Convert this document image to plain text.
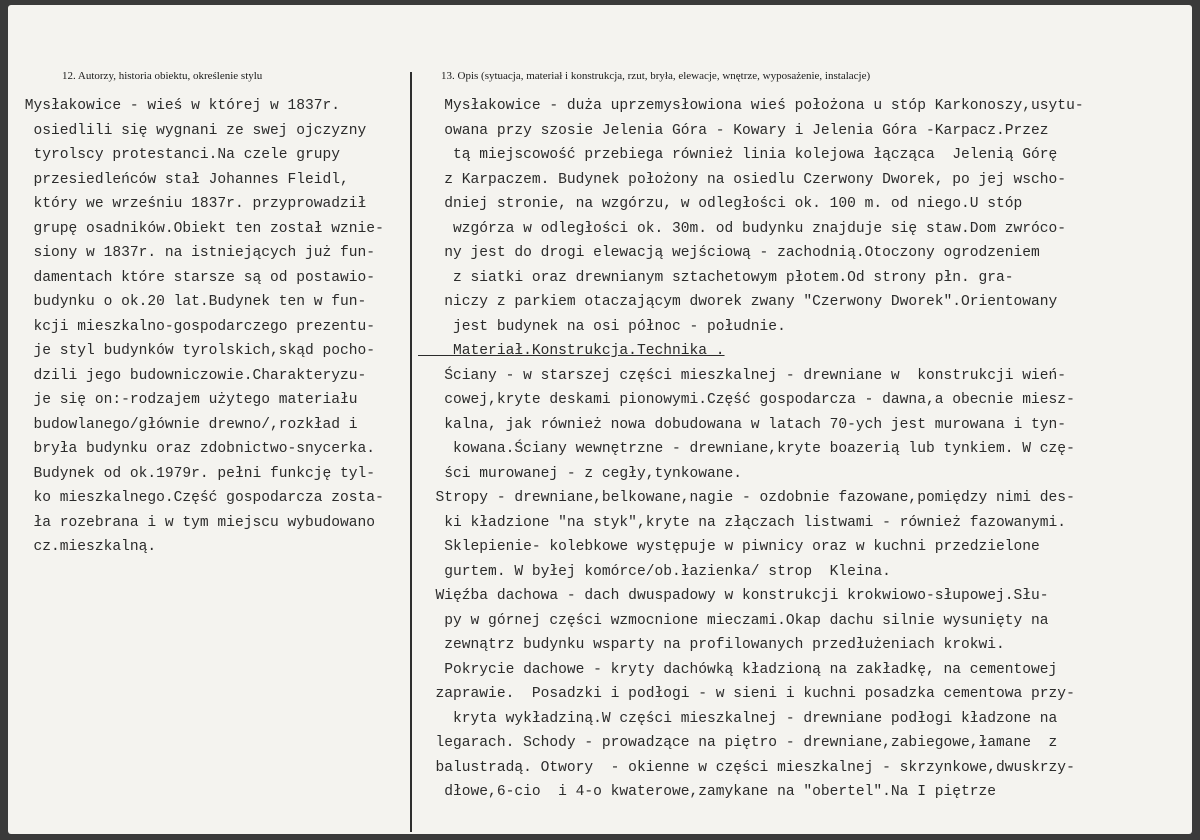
12. Autorzy, historia obiektu, określenie stylu	13. Opis (sytuacja, materiał i konstrukcja, rzut, bryła, elewacje, wnętrze, wyposażenie, instalacje)
Mysłakowice - wieś w której w 1837r.
osiedlili się wygnani ze swej ojczyzny
tyrolscy protestanci.Na czele grupy
przesiedleńców stał Johannes Fleidl,
który we wrześniu 1837r. przyprowadził
grupę osadników.Obiekt ten został wznie-
siony w 1837r. na istniejących już fun-
damentach które starsze są od postawio-
budynku o ok.20 lat.Budynek ten w fun-
kcji mieszkalno-gospodarczego prezentu-
je styl budynków tyrolskich,skąd pocho-
dzili jego budowniczowie.Charakteryzu-
je się on:-rodzajem użytego materiału
budowlanego/głównie drewno/,rozkład i
bryła budynku oraz zdobnictwo-snycerka.
Budynek od ok.1979r. pełni funkcję tyl-
ko mieszkalnego.Część gospodarcza zosta-
ła rozebrana i w tym miejscu wybudowano
cz.mieszkalną.
Mysłakowice - duża uprzemysłowiona wieś położona u stóp Karkonoszy,usytu-
owana przy szosie Jelenia Góra - Kowary i Jelenia Góra -Karpacz.Przez
tą miejscowość przebiega również linia kolejowa łącząca  Jelenią Górę
z Karpaczem. Budynek położony na osiedlu Czerwony Dworek, po jej wscho-
dniej stronie, na wzgórzu, w odległości ok. 100 m. od niego.U stóp
wzgórza w odległości ok. 30m. od budynku znajduje się staw.Dom zwróco-
ny jest do drogi elewacją wejściową - zachodnią.Otoczony ogrodzeniem
z siatki oraz drewnianym sztachetowym płotem.Od strony płn. gra-
niczy z parkiem otaczającym dworek zwany "Czerwony Dworek".Orientowany
jest budynek na osi północ - południe.
Materiał.Konstrukcja.Technika .
Ściany - w starszej części mieszkalnej - drewniane w  konstrukcji wień-
cowej,kryte deskami pionowymi.Część gospodarcza - dawna,a obecnie miesz-
kalna, jak również nowa dobudowana w latach 70-ych jest murowana i tyn-
kowana.Ściany wewnętrzne - drewniane,kryte boazerią lub tynkiem. W czę-
ści murowanej - z cegły,tynkowane.
Stropy - drewniane,belkowane,nagie - ozdobnie fazowane,pomiędzy nimi des-
ki kładzione "na styk",kryte na złączach listwami - również fazowanymi.
Sklepienie- kolebkowe występuje w piwnicy oraz w kuchni przedzielone
gurtem. W byłej komórce/ob.łazienka/ strop  Kleina.
Więźba dachowa - dach dwuspadowy w konstrukcji krokwiowo-słupowej.Słu-
py w górnej części wzmocnione mieczami.Okap dachu silnie wysunięty na
zewnątrz budynku wsparty na profilowanych przedłużeniach krokwi.
Pokrycie dachowe - kryty dachówką kładzioną na zakładkę, na cementowej
zaprawie.  Posadzki i podłogi - w sieni i kuchni posadzka cementowa przy-
kryta wykładziną.W części mieszkalnej - drewniane podłogi kładzone na
legarach. Schody - prowadzące na piętro - drewniane,zabiegowe,łamane  z
balustradą. Otwory  - okienne w części mieszkalnej - skrzynkowe,dwuskrzy-
dłowe,6-cio  i 4-o kwaterowe,zamykane na "obertel".Na I piętrze
